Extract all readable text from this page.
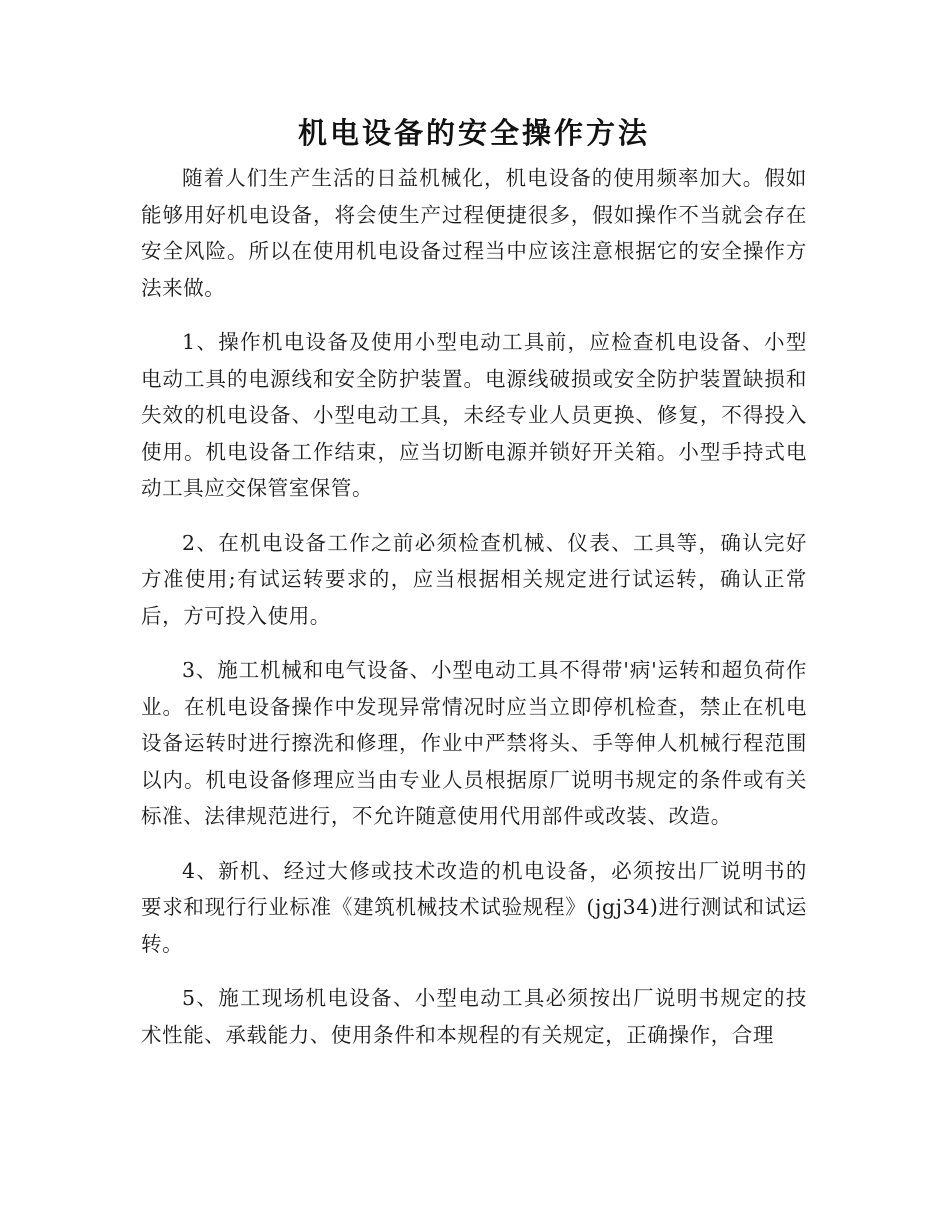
机电设备的安全操作方法

随着人们生产生活的日益机械化，机电设备的使用频率加大。假如能够用好机电设备，将会使生产过程便捷很多，假如操作不当就会存在安全风险。所以在使用机电设备过程当中应该注意根据它的安全操作方法来做。

1、操作机电设备及使用小型电动工具前，应检查机电设备、小型电动工具的电源线和安全防护装置。电源线破损或安全防护装置缺损和失效的机电设备、小型电动工具，未经专业人员更换、修复，不得投入使用。机电设备工作结束，应当切断电源并锁好开关箱。小型手持式电动工具应交保管室保管。

2、在机电设备工作之前必须检查机械、仪表、工具等，确认完好方准使用;有试运转要求的，应当根据相关规定进行试运转，确认正常后，方可投入使用。

3、施工机械和电气设备、小型电动工具不得带'病'运转和超负荷作业。在机电设备操作中发现异常情况时应当立即停机检查，禁止在机电设备运转时进行擦洗和修理，作业中严禁将头、手等伸人机械行程范围以内。机电设备修理应当由专业人员根据原厂说明书规定的条件或有关标准、法律规范进行，不允许随意使用代用部件或改装、改造。

4、新机、经过大修或技术改造的机电设备，必须按出厂说明书的要求和现行行业标准《建筑机械技术试验规程》(jgj34)进行测试和试运转。

5、施工现场机电设备、小型电动工具必须按出厂说明书规定的技术性能、承载能力、使用条件和本规程的有关规定，正确操作，合理
